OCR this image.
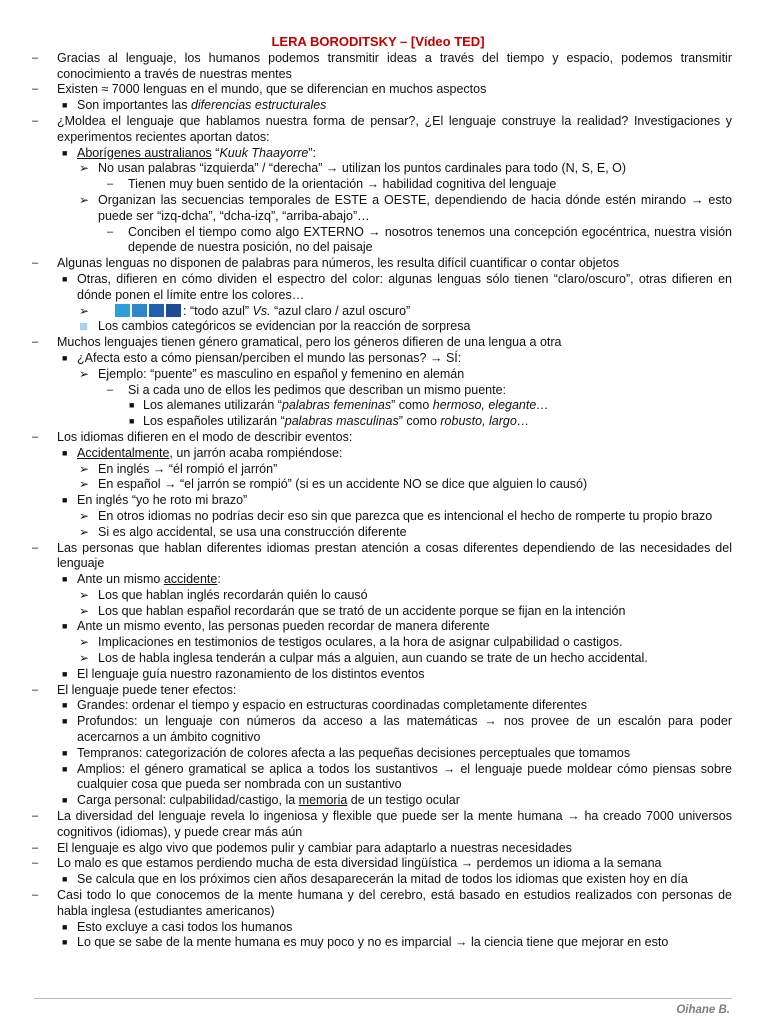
LERA BORODITSKY – [Vídeo TED]
– Gracias al lenguaje, los humanos podemos transmitir ideas a través del tiempo y espacio, podemos transmitir conocimiento a través de nuestras mentes
– Existen ≈ 7000 lenguas en el mundo, que se diferencian en muchos aspectos
■ Son importantes las diferencias estructurales
– ¿Moldea el lenguaje que hablamos nuestra forma de pensar?, ¿El lenguaje construye la realidad? Investigaciones y experimentos recientes aportan datos:
■ Aborígenes australianos “Kuuk Thaayorre”:
➢ No usan palabras “izquierda” / “derecha” → utilizan los puntos cardinales para todo (N, S, E, O)
– Tienen muy buen sentido de la orientación → habilidad cognitiva del lenguaje
➢ Organizan las secuencias temporales de ESTE a OESTE, dependiendo de hacia dónde estén mirando → esto puede ser “izq-dcha”, “dcha-izq”, “arriba-abajo”…
– Conciben el tiempo como algo EXTERNO → nosotros tenemos una concepción egocéntrica, nuestra visión depende de nuestra posición, no del paisaje
– Algunas lenguas no disponen de palabras para números, les resulta difícil cuantificar o contar objetos
■ Otras, difieren en cómo dividen el espectro del color: algunas lenguas sólo tienen “claro/oscuro”, otras difieren en dónde ponen el límite entre los colores…
➢	: “todo azul” Vs. “azul claro / azul oscuro”
■ Los cambios categóricos se evidencian por la reacción de sorpresa
– Muchos lenguajes tienen género gramatical, pero los géneros difieren de una lengua a otra
■ ¿Afecta esto a cómo piensan/perciben el mundo las personas? → SÍ:
➢ Ejemplo: “puente” es masculino en español y femenino en alemán
– Si a cada uno de ellos les pedimos que describan un mismo puente:
■ Los alemanes utilizarán “palabras femeninas” como hermoso, elegante…
■ Los españoles utilizarán “palabras masculinas” como robusto, largo…
– Los idiomas difieren en el modo de describir eventos:
■ Accidentalmente, un jarrón acaba rompiéndose:
➢ En inglés → “él rompió el jarrón”
➢ En español → “el jarrón se rompió” (si es un accidente NO se dice que alguien lo causó)
■ En inglés “yo he roto mi brazo”
➢ En otros idiomas no podrías decir eso sin que parezca que es intencional el hecho de romperte tu propio brazo
➢ Si es algo accidental, se usa una construcción diferente
– Las personas que hablan diferentes idiomas prestan atención a cosas diferentes dependiendo de las necesidades del lenguaje
■ Ante un mismo accidente:
➢ Los que hablan inglés recordarán quién lo causó
➢ Los que hablan español recordarán que se trató de un accidente porque se fijan en la intención
■ Ante un mismo evento, las personas pueden recordar de manera diferente
➢ Implicaciones en testimonios de testigos oculares, a la hora de asignar culpabilidad o castigos.
➢ Los de habla inglesa tenderán a culpar más a alguien, aun cuando se trate de un hecho accidental.
■ El lenguaje guía nuestro razonamiento de los distintos eventos
– El lenguaje puede tener efectos:
■ Grandes: ordenar el tiempo y espacio en estructuras coordinadas completamente diferentes
■ Profundos: un lenguaje con números da acceso a las matemáticas → nos provee de un escalón para poder acercarnos a un ámbito cognitivo
■ Tempranos: categorización de colores afecta a las pequeñas decisiones perceptuales que tomamos
■ Amplios: el género gramatical se aplica a todos los sustantivos → el lenguaje puede moldear cómo piensas sobre cualquier cosa que pueda ser nombrada con un sustantivo
■ Carga personal: culpabilidad/castigo, la memoria de un testigo ocular
– La diversidad del lenguaje revela lo ingeniosa y flexible que puede ser la mente humana → ha creado 7000 universos cognitivos (idiomas), y puede crear más aún
– El lenguaje es algo vivo que podemos pulir y cambiar para adaptarlo a nuestras necesidades
– Lo malo es que estamos perdiendo mucha de esta diversidad lingüística → perdemos un idioma a la semana
■ Se calcula que en los próximos cien años desaparecerán la mitad de todos los idiomas que existen hoy en día
– Casi todo lo que conocemos de la mente humana y del cerebro, está basado en estudios realizados con personas de habla inglesa (estudiantes americanos)
■ Esto excluye a casi todos los humanos
■ Lo que se sabe de la mente humana es muy poco y no es imparcial → la ciencia tiene que mejorar en esto
Oihane B.
